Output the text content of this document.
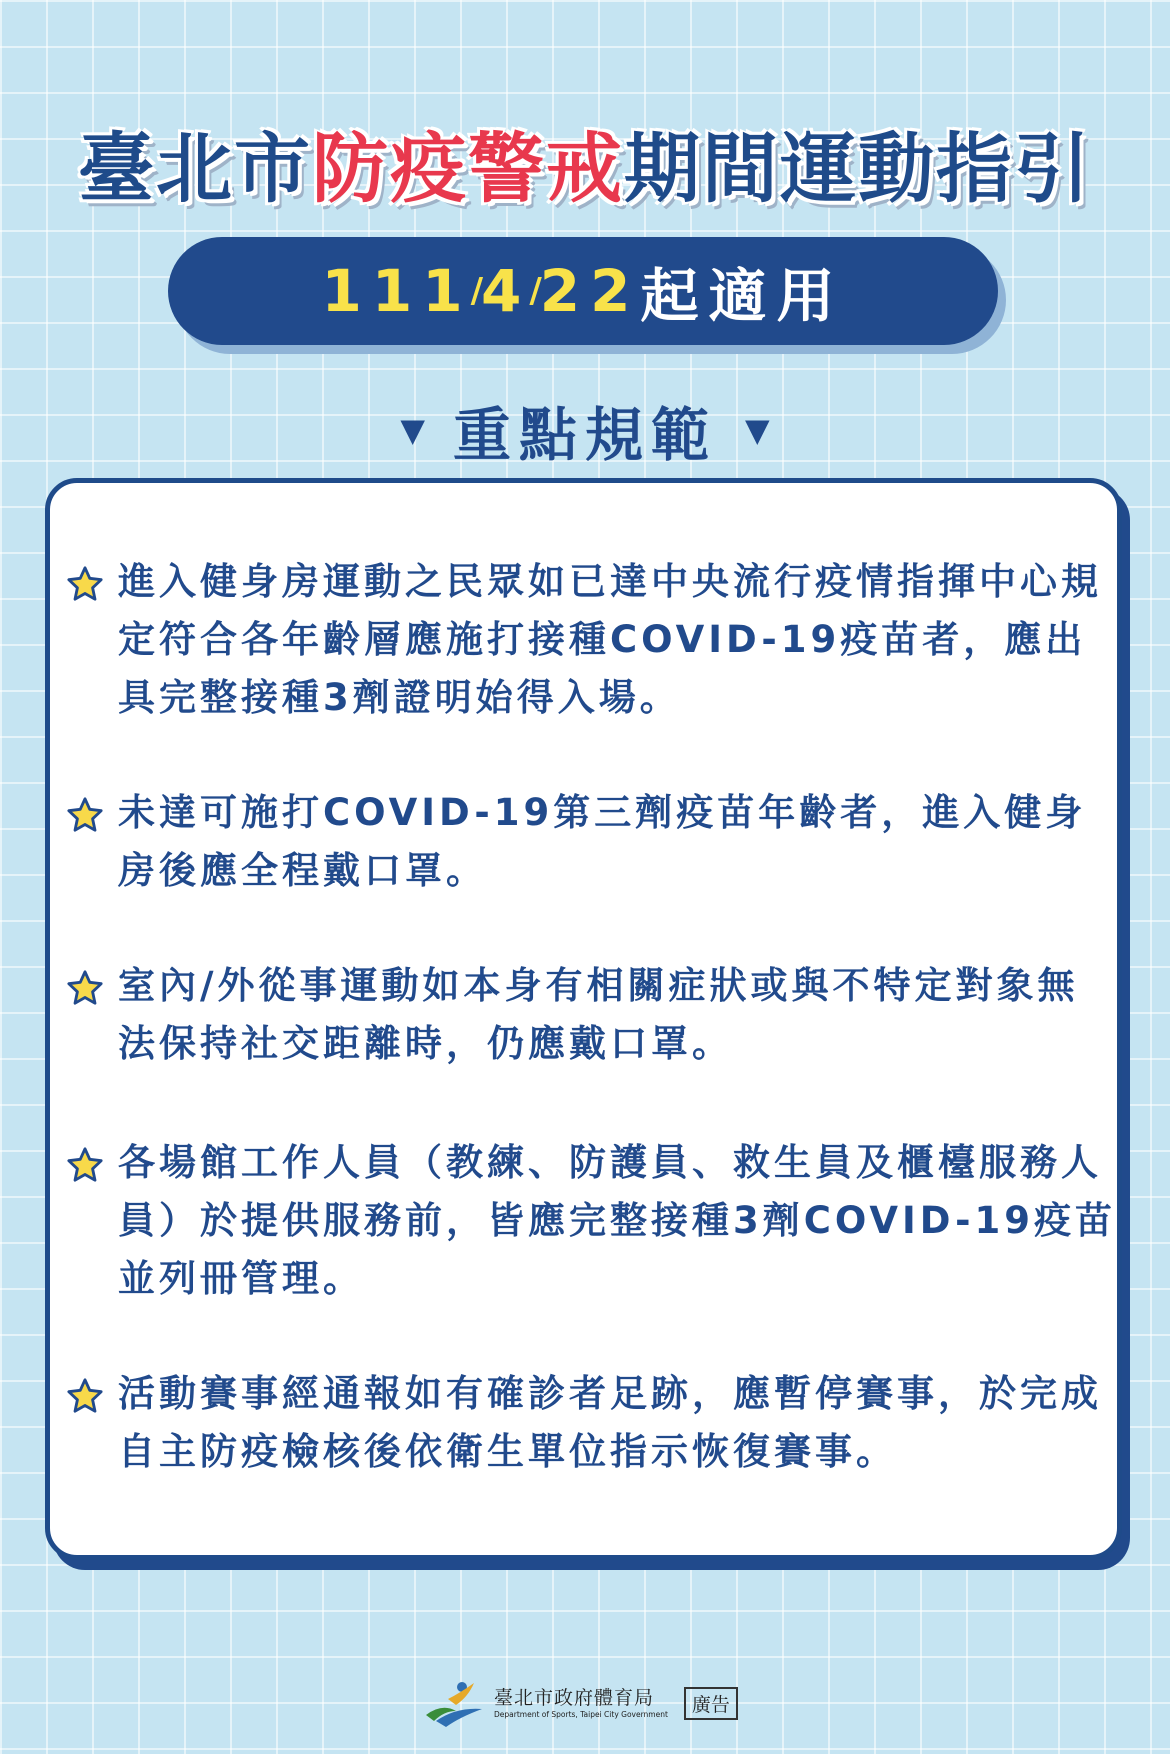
臺北市防疫警戒期間運動指引
111
/
4
/
22 起適用
▼ 重點規範 ▼
進入健身房運動之民眾如已達中央流行疫情指揮中心規定符合各年齡層應施打接種COVID-19疫苗者，應出具完整接種3劑證明始得入場。
未達可施打COVID-19第三劑疫苗年齡者，進入健身房後應全程戴口罩。
室內/外從事運動如本身有相關症狀或與不特定對象無法保持社交距離時，仍應戴口罩。
各場館工作人員（教練、防護員、救生員及櫃檯服務人員）於提供服務前，皆應完整接種3劑COVID-19疫苗並列冊管理。
活動賽事經通報如有確診者足跡，應暫停賽事，於完成自主防疫檢核後依衛生單位指示恢復賽事。
臺北市政府體育局
Department of Sports, Taipei City Government	廣告
